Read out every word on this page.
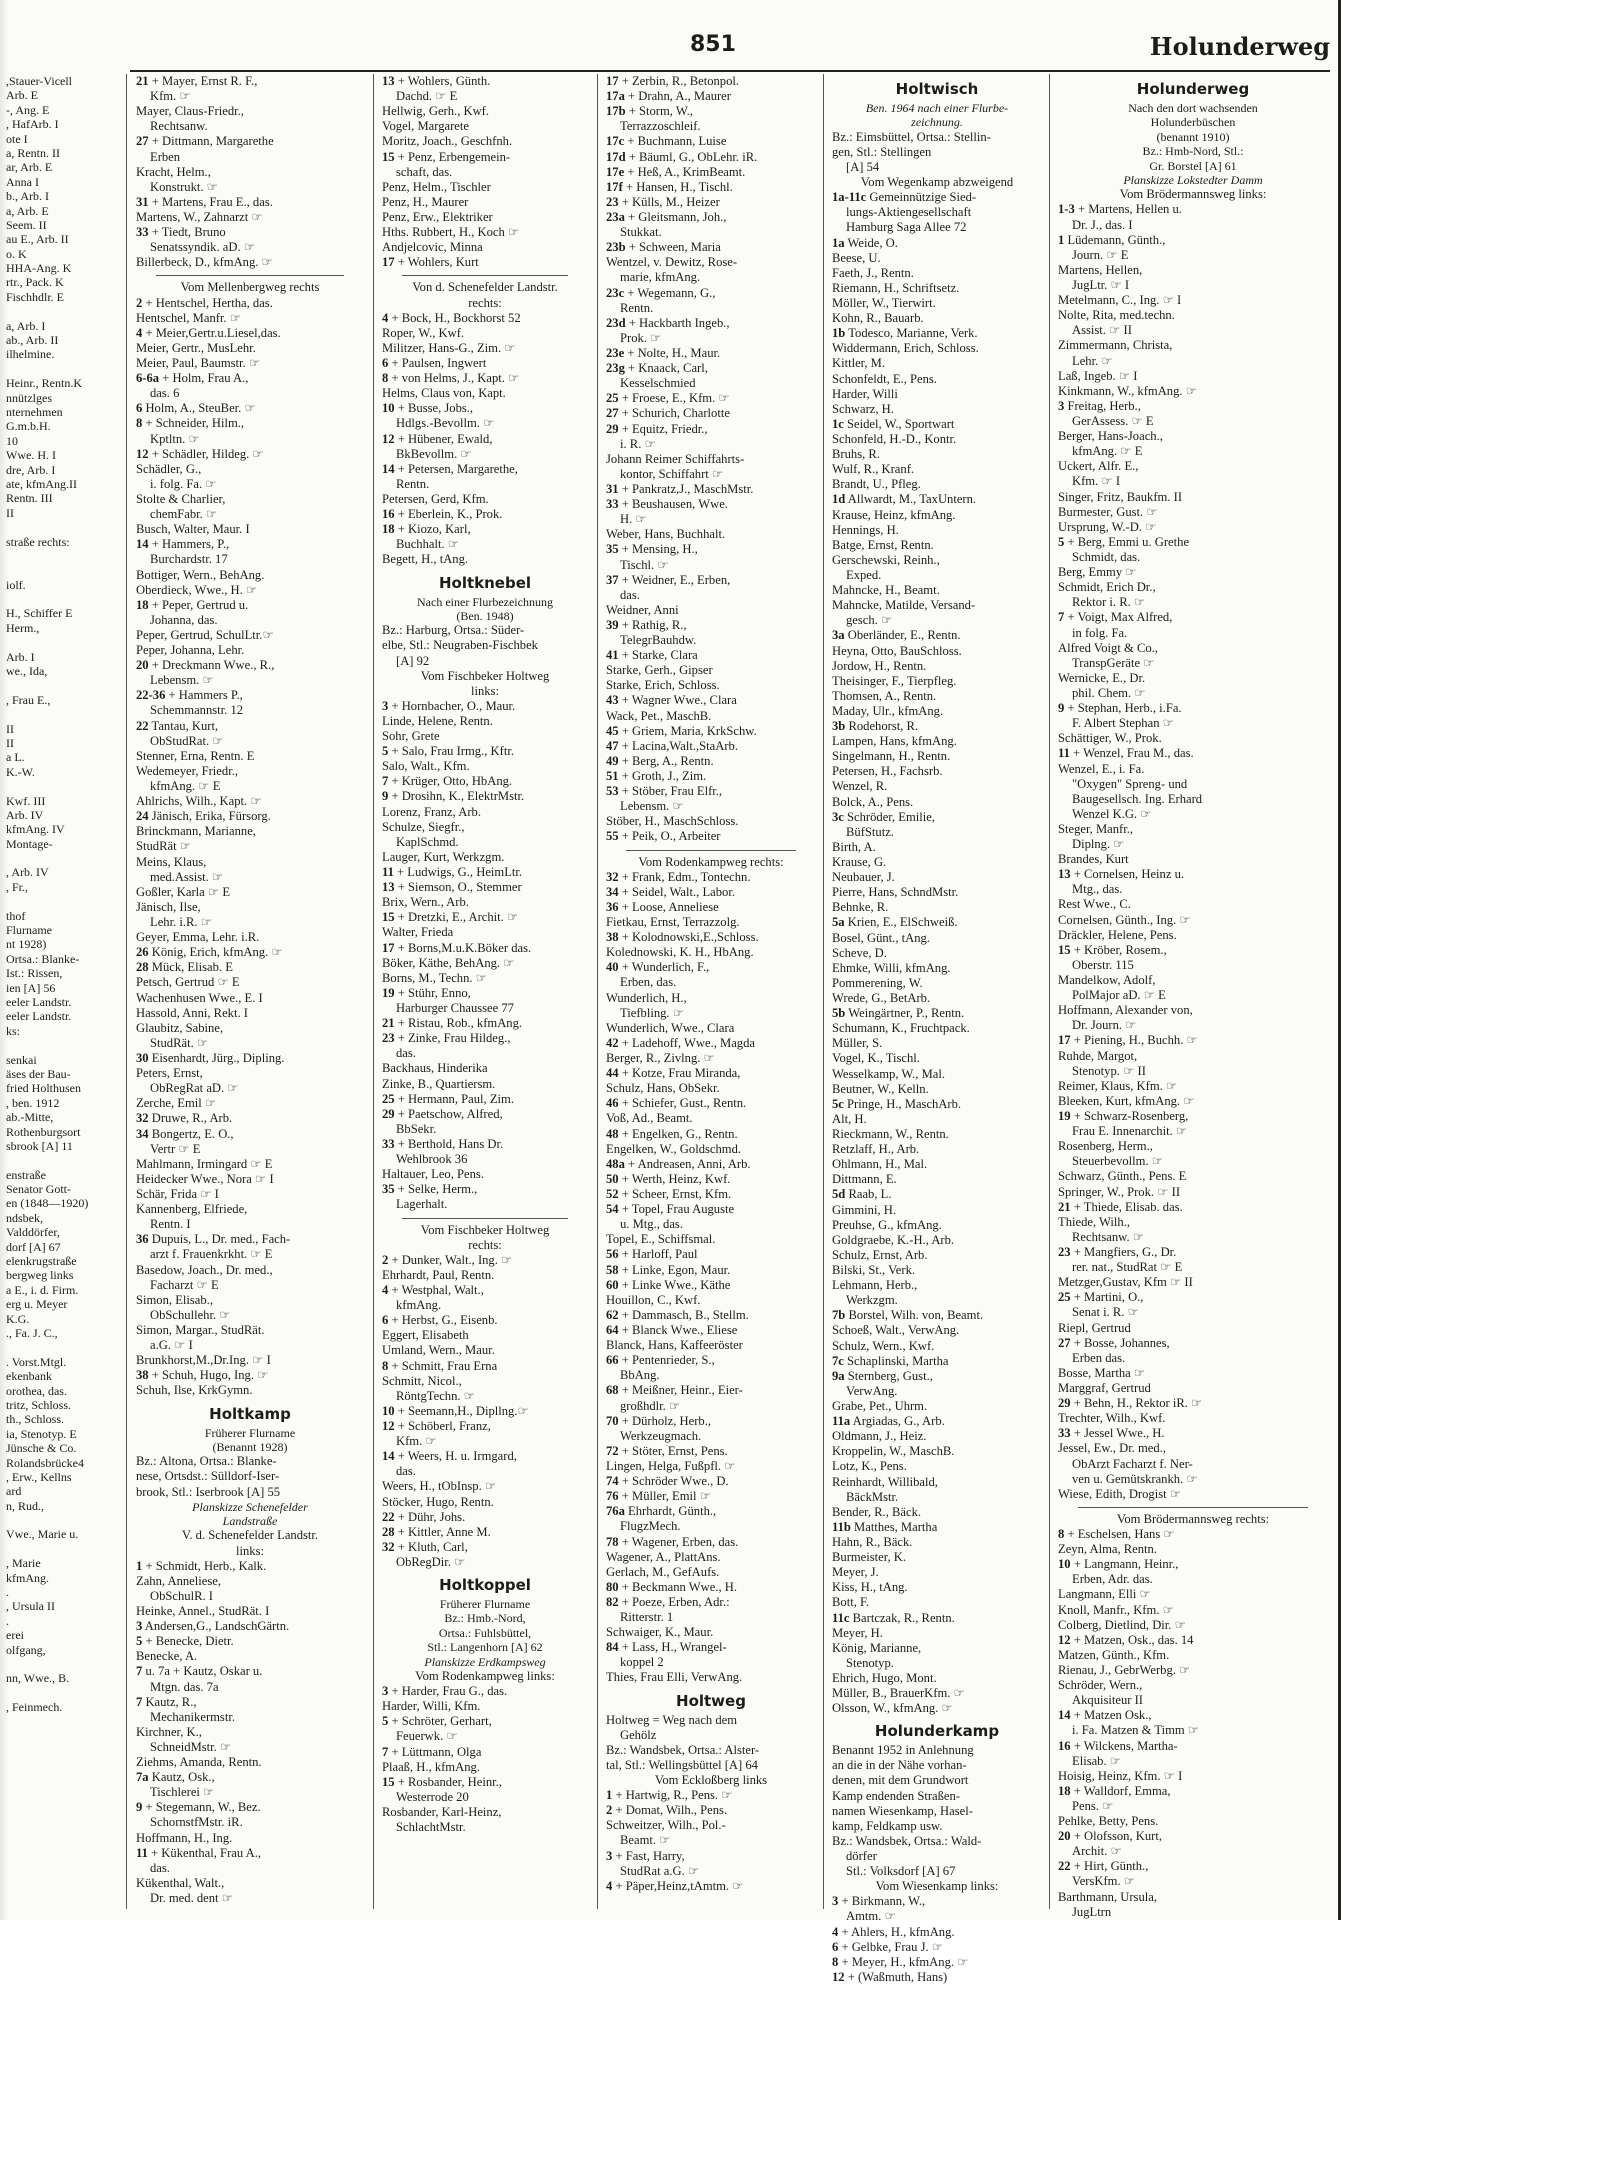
851	Holunderweg
,Stauer-Vicell
Arb. E
-, Ang. E
, HafArb. I
ote I
a, Rentn. II
ar, Arb. E
Anna I
b., Arb. I
a, Arb. E
Seem. II
au E., Arb. II
o. K
HHA-Ang. K
rtr., Pack. K
Fischhdlr. E

a, Arb. I
ab., Arb. II
ilhelmine.

Heinr., Rentn.K
nnützlges
nternehmen
G.m.b.H.
10
Wwe. H. I
dre, Arb. I
ate, kfmAng.II
Rentn. III
II

straße rechts:

iolf.

H., Schiffer E
Herm.,

Arb. I
we., Ida,

, Frau E.,

II
II
a L.
K.-W.

Kwf. III
Arb. IV
kfmAng. IV
Montage-

, Arb. IV
, Fr.,

thof
Flurname
nt 1928)
Ortsa.: Blanke-
Ist.: Rissen,
ien [A] 56
eeler Landstr.
eeler Landstr.
ks:

senkai
äses der Bau-
fried Holthusen
, ben. 1912
ab.-Mitte,
Rothenburgsort
sbrook [A] 11

enstraße
Senator Gott-
en (1848—1920)
ndsbek,
Valddörfer,
dorf [A] 67
elenkrugstraße
bergweg links
a E., i. d. Firm.
erg u. Meyer
K.G.
., Fa. J. C.,

. Vorst.Mtgl.
ekenbank
orothea, das.
tritz, Schloss.
th., Schloss.
ia, Stenotyp. E
Jünsche & Co.
Rolandsbrücke4
, Erw., Kellns
ard
n, Rud.,

Vwe., Marie u.

, Marie
kfmAng.
.
, Ursula II
.
erei
olfgang,

nn, Wwe., B.

, Feinmech.
21 + Mayer, Ernst R. F.,
Kfm. ☞
Mayer, Claus-Friedr.,
Rechtsanw.
27 + Dittmann, Margarethe
Erben
Kracht, Helm.,
Konstrukt. ☞
31 + Martens, Frau E., das.
Martens, W., Zahnarzt ☞
33 + Tiedt, Bruno
Senatssyndik. aD. ☞
Billerbeck, D., kfmAng. ☞
Vom Mellenbergweg rechts
2 + Hentschel, Hertha, das.
Hentschel, Manfr. ☞
4 + Meier,Gertr.u.Liesel,das.
Meier, Gertr., MusLehr.
Meier, Paul, Baumstr. ☞
6-6a + Holm, Frau A.,
das. 6
6 Holm, A., SteuBer. ☞
8 + Schneider, Hilm.,
Kptltn. ☞
12 + Schädler, Hildeg. ☞
Schädler, G.,
i. folg. Fa. ☞
Stolte & Charlier,
chemFabr. ☞
Busch, Walter, Maur. I
14 + Hammers, P.,
Burchardstr. 17
Bottiger, Wern., BehAng.
Oberdieck, Wwe., H. ☞
18 + Peper, Gertrud u.
Johanna, das.
Peper, Gertrud, SchulLtr.☞
Peper, Johanna, Lehr.
20 + Dreckmann Wwe., R.,
Lebensm. ☞
22-36 + Hammers P.,
Schemmannstr. 12
22 Tantau, Kurt,
ObStudRat. ☞
Stenner, Erna, Rentn. E
Wedemeyer, Friedr.,
kfmAng. ☞ E
Ahlrichs, Wilh., Kapt. ☞
24 Jänisch, Erika, Fürsorg.
Brinckmann, Marianne,
StudRät ☞
Meins, Klaus,
med.Assist. ☞
Goßler, Karla ☞ E
Jänisch, Ilse,
Lehr. i.R. ☞
Geyer, Emma, Lehr. i.R.
26 König, Erich, kfmAng. ☞
28 Mück, Elisab. E
Petsch, Gertrud ☞ E
Wachenhusen Wwe., E. I
Hassold, Anni, Rekt. I
Glaubitz, Sabine,
StudRät. ☞
30 Eisenhardt, Jürg., Dipling.
Peters, Ernst,
ObRegRat aD. ☞
Zerche, Emil ☞
32 Druwe, R., Arb.
34 Bongertz, E. O.,
Vertr ☞ E
Mahlmann, Irmingard ☞ E
Heidecker Wwe., Nora ☞ I
Schär, Frida ☞ I
Kannenberg, Elfriede,
Rentn. I
36 Dupuis, L., Dr. med., Fach-
arzt f. Frauenkrkht. ☞ E
Basedow, Joach., Dr. med.,
Facharzt ☞ E
Simon, Elisab.,
ObSchullehr. ☞
Simon, Margar., StudRät.
a.G. ☞ I
Brunkhorst,M.,Dr.Ing. ☞ I
38 + Schuh, Hugo, Ing. ☞
Schuh, Ilse, KrkGymn.
Holtkamp
Früherer Flurname
(Benannt 1928)
Bz.: Altona, Ortsa.: Blanke-
nese, Ortsdst.: Sülldorf-Iser-
brook, Stl.: Iserbrook [A] 55
Planskizze Schenefelder
Landstraße
V. d. Schenefelder Landstr.
links:
1 + Schmidt, Herb., Kalk.
Zahn, Anneliese,
ObSchulR. I
Heinke, Annel., StudRät. I
3 Andersen,G., LandschGärtn.
5 + Benecke, Dietr.
Benecke, A.
7 u. 7a + Kautz, Oskar u.
Mtgn. das. 7a
7 Kautz, R.,
Mechanikermstr.
Kirchner, K.,
SchneidMstr. ☞
Ziehms, Amanda, Rentn.
7a Kautz, Osk.,
Tischlerei ☞
9 + Stegemann, W., Bez.
SchornstfMstr. iR.
Hoffmann, H., Ing.
11 + Kükenthal, Frau A.,
das.
Kükenthal, Walt.,
Dr. med. dent ☞
13 + Wohlers, Günth.
Dachd. ☞ E
Hellwig, Gerh., Kwf.
Vogel, Margarete
Moritz, Joach., Geschfnh.
15 + Penz, Erbengemein-
schaft, das.
Penz, Helm., Tischler
Penz, H., Maurer
Penz, Erw., Elektriker
Hths. Rubbert, H., Koch ☞
Andjelcovic, Minna
17 + Wohlers, Kurt
Von d. Schenefelder Landstr.
rechts:
4 + Bock, H., Bockhorst 52
Roper, W., Kwf.
Militzer, Hans-G., Zim. ☞
6 + Paulsen, Ingwert
8 + von Helms, J., Kapt. ☞
Helms, Claus von, Kapt.
10 + Busse, Jobs.,
Hdlgs.-Bevollm. ☞
12 + Hübener, Ewald,
BkBevollm. ☞
14 + Petersen, Margarethe,
Rentn.
Petersen, Gerd, Kfm.
16 + Eberlein, K., Prok.
18 + Kiozo, Karl,
Buchhalt. ☞
Begett, H., tAng.
Holtknebel
Nach einer Flurbezeichnung
(Ben. 1948)
Bz.: Harburg, Ortsa.: Süder-
elbe, Stl.: Neugraben-Fischbek
[A] 92
Vom Fischbeker Holtweg
links:
3 + Hornbacher, O., Maur.
Linde, Helene, Rentn.
Sohr, Grete
5 + Salo, Frau Irmg., Kftr.
Salo, Walt., Kfm.
7 + Krüger, Otto, HbAng.
9 + Drosihn, K., ElektrMstr.
Lorenz, Franz, Arb.
Schulze, Siegfr.,
KaplSchmd.
Lauger, Kurt, Werkzgm.
11 + Ludwigs, G., HeimLtr.
13 + Siemson, O., Stemmer
Brix, Wern., Arb.
15 + Dretzki, E., Archit. ☞
Walter, Frieda
17 + Borns,M.u.K.Böker das.
Böker, Käthe, BehAng. ☞
Borns, M., Techn. ☞
19 + Stühr, Enno,
Harburger Chaussee 77
21 + Ristau, Rob., kfmAng.
23 + Zinke, Frau Hildeg.,
das.
Backhaus, Hinderika
Zinke, B., Quartiersm.
25 + Hermann, Paul, Zim.
29 + Paetschow, Alfred,
BbSekr.
33 + Berthold, Hans Dr.
Wehlbrook 36
Haltauer, Leo, Pens.
35 + Selke, Herm.,
Lagerhalt.
Vom Fischbeker Holtweg
rechts:
2 + Dunker, Walt., Ing. ☞
Ehrhardt, Paul, Rentn.
4 + Westphal, Walt.,
kfmAng.
6 + Herbst, G., Eisenb.
Eggert, Elisabeth
Umland, Wern., Maur.
8 + Schmitt, Frau Erna
Schmitt, Nicol.,
RöntgTechn. ☞
10 + Seemann,H., Dipllng.☞
12 + Schöberl, Franz,
Kfm. ☞
14 + Weers, H. u. Irmgard,
das.
Weers, H., tObInsp. ☞
Stöcker, Hugo, Rentn.
22 + Dühr, Johs.
28 + Kittler, Anne M.
32 + Kluth, Carl,
ObRegDir. ☞
Holtkoppel
Früherer Flurname
Bz.: Hmb.-Nord,
Ortsa.: Fuhlsbüttel,
Stl.: Langenhorn [A] 62
Planskizze Erdkampsweg
Vom Rodenkampweg links:
3 + Harder, Frau G., das.
Harder, Willi, Kfm.
5 + Schröter, Gerhart,
Feuerwk. ☞
7 + Lüttmann, Olga
Plaaß, H., kfmAng.
15 + Rosbander, Heinr.,
Westerrode 20
Rosbander, Karl-Heinz,
SchlachtMstr.
17 + Zerbin, R., Betonpol.
17a + Drahn, A., Maurer
17b + Storm, W.,
Terrazzoschleif.
17c + Buchmann, Luise
17d + Bäuml, G., ObLehr. iR.
17e + Heß, A., KrimBeamt.
17f + Hansen, H., Tischl.
23 + Külls, M., Heizer
23a + Gleitsmann, Joh.,
Stukkat.
23b + Schween, Maria
Wentzel, v. Dewitz, Rose-
marie, kfmAng.
23c + Wegemann, G.,
Rentn.
23d + Hackbarth Ingeb.,
Prok. ☞
23e + Nolte, H., Maur.
23g + Knaack, Carl,
Kesselschmied
25 + Froese, E., Kfm. ☞
27 + Schurich, Charlotte
29 + Equitz, Friedr.,
i. R. ☞
Johann Reimer Schiffahrts-
kontor, Schiffahrt ☞
31 + Pankratz,J., MaschMstr.
33 + Beushausen, Wwe.
H. ☞
Weber, Hans, Buchhalt.
35 + Mensing, H.,
Tischl. ☞
37 + Weidner, E., Erben,
das.
Weidner, Anni
39 + Rathig, R.,
TelegrBauhdw.
41 + Starke, Clara
Starke, Gerh., Gipser
Starke, Erich, Schloss.
43 + Wagner Wwe., Clara
Wack, Pet., MaschB.
45 + Griem, Maria, KrkSchw.
47 + Lacina,Walt.,StaArb.
49 + Berg, A., Rentn.
51 + Groth, J., Zim.
53 + Stöber, Frau Elfr.,
Lebensm. ☞
Stöber, H., MaschSchloss.
55 + Peik, O., Arbeiter
Vom Rodenkampweg rechts:
32 + Frank, Edm., Tontechn.
34 + Seidel, Walt., Labor.
36 + Loose, Anneliese
Fietkau, Ernst, Terrazzolg.
38 + Kolodnowski,E.,Schloss.
Kolednowski, K. H., HbAng.
40 + Wunderlich, F.,
Erben, das.
Wunderlich, H.,
Tiefbling. ☞
Wunderlich, Wwe., Clara
42 + Ladehoff, Wwe., Magda
Berger, R., Zivlng. ☞
44 + Kotze, Frau Miranda,
Schulz, Hans, ObSekr.
46 + Schiefer, Gust., Rentn.
Voß, Ad., Beamt.
48 + Engelken, G., Rentn.
Engelken, W., Goldschmd.
48a + Andreasen, Anni, Arb.
50 + Werth, Heinz, Kwf.
52 + Scheer, Ernst, Kfm.
54 + Topel, Frau Auguste
u. Mtg., das.
Topel, E., Schiffsmal.
56 + Harloff, Paul
58 + Linke, Egon, Maur.
60 + Linke Wwe., Käthe
Houillon, C., Kwf.
62 + Dammasch, B., Stellm.
64 + Blanck Wwe., Eliese
Blanck, Hans, Kaffeeröster
66 + Pentenrieder, S.,
BbAng.
68 + Meißner, Heinr., Eier-
großhdlr. ☞
70 + Dürholz, Herb.,
Werkzeugmach.
72 + Stöter, Ernst, Pens.
Lingen, Helga, Fußpfl. ☞
74 + Schröder Wwe., D.
76 + Müller, Emil ☞
76a Ehrhardt, Günth.,
FlugzMech.
78 + Wagener, Erben, das.
Wagener, A., PlattAns.
Gerlach, M., GefAufs.
80 + Beckmann Wwe., H.
82 + Poeze, Erben, Adr.:
Ritterstr. 1
Schwaiger, K., Maur.
84 + Lass, H., Wrangel-
koppel 2
Thies, Frau Elli, VerwAng.
Holtweg
Holtweg = Weg nach dem
Gehölz
Bz.: Wandsbek, Ortsa.: Alster-
tal, Stl.: Wellingsbüttel [A] 64
Vom Eckloßberg links
1 + Hartwig, R., Pens. ☞
2 + Domat, Wilh., Pens.
Schweitzer, Wilh., Pol.-
Beamt. ☞
3 + Fast, Harry,
StudRat a.G. ☞
4 + Päper,Heinz,tAmtm. ☞
Holtwisch
Ben. 1964 nach einer Flurbe-
zeichnung.
Bz.: Eimsbüttel, Ortsa.: Stellin-
gen, Stl.: Stellingen
[A] 54
Vom Wegenkamp abzweigend
1a-11c Gemeinnützige Sied-
lungs-Aktiengesellschaft
Hamburg Saga Allee 72
1a Weide, O.
Beese, U.
Faeth, J., Rentn.
Riemann, H., Schriftsetz.
Möller, W., Tierwirt.
Kohn, R., Bauarb.
1b Todesco, Marianne, Verk.
Widdermann, Erich, Schloss.
Kittler, M.
Schonfeldt, E., Pens.
Harder, Willi
Schwarz, H.
1c Seidel, W., Sportwart
Schonfeld, H.-D., Kontr.
Bruhs, R.
Wulf, R., Kranf.
Brandt, U., Pfleg.
1d Allwardt, M., TaxUntern.
Krause, Heinz, kfmAng.
Hennings, H.
Batge, Ernst, Rentn.
Gerschewski, Reinh.,
Exped.
Mahncke, H., Beamt.
Mahncke, Matilde, Versand-
gesch. ☞
3a Oberländer, E., Rentn.
Heyna, Otto, BauSchloss.
Jordow, H., Rentn.
Theisinger, F., Tierpfleg.
Thomsen, A., Rentn.
Maday, Ulr., kfmAng.
3b Rodehorst, R.
Lampen, Hans, kfmAng.
Singelmann, H., Rentn.
Petersen, H., Fachsrb.
Wenzel, R.
Bolck, A., Pens.
3c Schröder, Emilie,
BüfStutz.
Birth, A.
Krause, G.
Neubauer, J.
Pierre, Hans, SchndMstr.
Behnke, R.
5a Krien, E., ElSchweiß.
Bosel, Günt., tAng.
Scheve, D.
Ehmke, Willi, kfmAng.
Pommerening, W.
Wrede, G., BetArb.
5b Weingärtner, P., Rentn.
Schumann, K., Fruchtpack.
Müller, S.
Vogel, K., Tischl.
Wesselkamp, W., Mal.
Beutner, W., Kelln.
5c Pringe, H., MaschArb.
Alt, H.
Rieckmann, W., Rentn.
Retzlaff, H., Arb.
Ohlmann, H., Mal.
Dittmann, E.
5d Raab, L.
Gimmini, H.
Preuhse, G., kfmAng.
Goldgraebe, K.-H., Arb.
Schulz, Ernst, Arb.
Bilski, St., Verk.
Lehmann, Herb.,
Werkzgm.
7b Borstel, Wilh. von, Beamt.
Schoeß, Walt., VerwAng.
Schulz, Wern., Kwf.
7c Schaplinski, Martha
9a Sternberg, Gust.,
VerwAng.
Grabe, Pet., Uhrm.
11a Argiadas, G., Arb.
Oldmann, J., Heiz.
Kroppelin, W., MaschB.
Lotz, K., Pens.
Reinhardt, Willibald,
BäckMstr.
Bender, R., Bäck.
11b Matthes, Martha
Hahn, R., Bäck.
Burmeister, K.
Meyer, J.
Kiss, H., tAng.
Bott, F.
11c Bartczak, R., Rentn.
Meyer, H.
König, Marianne,
Stenotyp.
Ehrich, Hugo, Mont.
Müller, B., BrauerKfm. ☞
Olsson, W., kfmAng. ☞
Holunderkamp
Benannt 1952 in Anlehnung
an die in der Nähe vorhan-
denen, mit dem Grundwort
Kamp endenden Straßen-
namen Wiesenkamp, Hasel-
kamp, Feldkamp usw.
Bz.: Wandsbek, Ortsa.: Wald-
dörfer
Stl.: Volksdorf [A] 67
Vom Wiesenkamp links:
3 + Birkmann, W.,
Amtm. ☞
4 + Ahlers, H., kfmAng.
6 + Gelbke, Frau J. ☞
8 + Meyer, H., kfmAng. ☞
12 + (Waßmuth, Hans)
Holunderweg
Nach den dort wachsenden
Holunderbüschen
(benannt 1910)
Bz.: Hmb-Nord, Stl.:
Gr. Borstel [A] 61
Planskizze Lokstedter Damm
Vom Brödermannsweg links:
1-3 + Martens, Hellen u.
Dr. J., das. I
1 Lüdemann, Günth.,
Journ. ☞ E
Martens, Hellen,
JugLtr. ☞ I
Metelmann, C., Ing. ☞ I
Nolte, Rita, med.techn.
Assist. ☞ II
Zimmermann, Christa,
Lehr. ☞
Laß, Ingeb. ☞ I
Kinkmann, W., kfmAng. ☞
3 Freitag, Herb.,
GerAssess. ☞ E
Berger, Hans-Joach.,
kfmAng. ☞ E
Uckert, Alfr. E.,
Kfm. ☞ I
Singer, Fritz, Baukfm. II
Burmester, Gust. ☞
Ursprung, W.-D. ☞
5 + Berg, Emmi u. Grethe
Schmidt, das.
Berg, Emmy ☞
Schmidt, Erich Dr.,
Rektor i. R. ☞
7 + Voigt, Max Alfred,
in folg. Fa.
Alfred Voigt & Co.,
TranspGeräte ☞
Wernicke, E., Dr.
phil. Chem. ☞
9 + Stephan, Herb., i.Fa.
F. Albert Stephan ☞
Schättiger, W., Prok.
11 + Wenzel, Frau M., das.
Wenzel, E., i. Fa.
"Oxygen" Spreng- und
Baugesellsch. Ing. Erhard
Wenzel K.G. ☞
Steger, Manfr.,
Diplng. ☞
Brandes, Kurt
13 + Cornelsen, Heinz u.
Mtg., das.
Rest Wwe., C.
Cornelsen, Günth., Ing. ☞
Dräckler, Helene, Pens.
15 + Kröber, Rosem.,
Oberstr. 115
Mandelkow, Adolf,
PolMajor aD. ☞ E
Hoffmann, Alexander von,
Dr. Journ. ☞
17 + Piening, H., Buchh. ☞
Ruhde, Margot,
Stenotyp. ☞ II
Reimer, Klaus, Kfm. ☞
Bleeken, Kurt, kfmAng. ☞
19 + Schwarz-Rosenberg,
Frau E. Innenarchit. ☞
Rosenberg, Herm.,
Steuerbevollm. ☞
Schwarz, Günth., Pens. E
Springer, W., Prok. ☞ II
21 + Thiede, Elisab. das.
Thiede, Wilh.,
Rechtsanw. ☞
23 + Mangfiers, G., Dr.
rer. nat., StudRat ☞ E
Metzger,Gustav, Kfm ☞ II
25 + Martini, O.,
Senat i. R. ☞
Riepl, Gertrud
27 + Bosse, Johannes,
Erben das.
Bosse, Martha ☞
Marggraf, Gertrud
29 + Behn, H., Rektor iR. ☞
Trechter, Wilh., Kwf.
33 + Jessel Wwe., H.
Jessel, Ew., Dr. med.,
ObArzt Facharzt f. Ner-
ven u. Gemütskrankh. ☞
Wiese, Edith, Drogist ☞
Vom Brödermannsweg rechts:
8 + Eschelsen, Hans ☞
Zeyn, Alma, Rentn.
10 + Langmann, Heinr.,
Erben, Adr. das.
Langmann, Elli ☞
Knoll, Manfr., Kfm. ☞
Colberg, Dietlind, Dir. ☞
12 + Matzen, Osk., das. 14
Matzen, Günth., Kfm.
Rienau, J., GebrWerbg. ☞
Schröder, Wern.,
Akquisiteur II
14 + Matzen Osk.,
i. Fa. Matzen & Timm ☞
16 + Wilckens, Martha-
Elisab. ☞
Hoisig, Heinz, Kfm. ☞ I
18 + Walldorf, Emma,
Pens. ☞
Pehlke, Betty, Pens.
20 + Olofsson, Kurt,
Archit. ☞
22 + Hirt, Günth.,
VersKfm. ☞
Barthmann, Ursula,
JugLtrn
